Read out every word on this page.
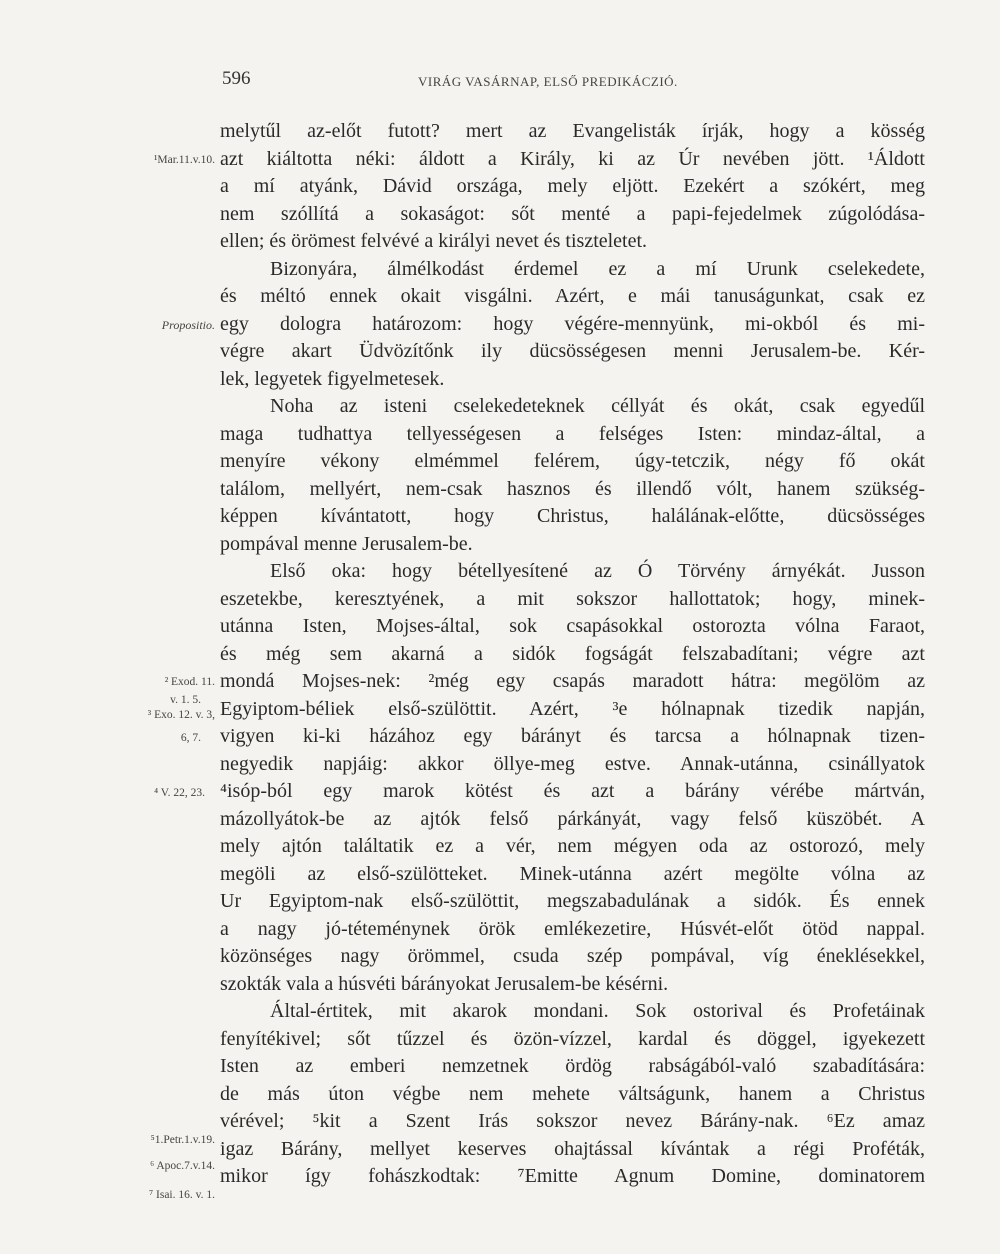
596	VIRÁG VASÁRNAP, ELSŐ PREDIKÁCZIÓ.
¹Mar.11.v.10.
Propositio.
² Exod. 11.
v. 1. 5.
³ Exo. 12. v. 3,
6, 7.
⁴ V. 22, 23.
⁵1.Petr.1.v.19.
⁶ Apoc.7.v.14.
⁷ Isai. 16. v. 1.
melytűl az-előt futott? mert az Evangelisták írják, hogy a kösség
azt kiáltotta néki: áldott a Király, ki az Úr nevében jött. ¹Áldott
a mí atyánk, Dávid országa, mely eljött. Ezekért a szókért, meg
nem szóllítá a sokaságot: sőt menté a papi-fejedelmek zúgolódása-
ellen; és örömest felvévé a királyi nevet és tiszteletet.
Bizonyára, álmélkodást érdemel ez a mí Urunk cselekedete,
és méltó ennek okait visgálni. Azért, e mái tanuságunkat, csak ez
egy dologra határozom: hogy végére-mennyünk, mi-okból és mi-
végre akart Üdvözítőnk ily dücsösségesen menni Jerusalem-be. Kér-
lek, legyetek figyelmetesek.
Noha az isteni cselekedeteknek céllyát és okát, csak egyedűl
maga tudhattya tellyességesen a felséges Isten: mindaz-által, a
menyíre vékony elmémmel felérem, úgy-tetczik, négy fő okát
találom, mellyért, nem-csak hasznos és illendő vólt, hanem szükség-
képpen kívántatott, hogy Christus, halálának-előtte, dücsösséges
pompával menne Jerusalem-be.
Első oka: hogy bétellyesítené az Ó Törvény árnyékát. Jusson
eszetekbe, keresztyének, a mit sokszor hallottatok; hogy, minek-
utánna Isten, Mojses-által, sok csapásokkal ostorozta vólna Faraot,
és még sem akarná a sidók fogságát felszabadítani; végre azt
mondá Mojses-nek: ²még egy csapás maradott hátra: megölöm az
Egyiptom-béliek első-szülöttit. Azért, ³e hólnapnak tizedik napján,
vigyen ki-ki házához egy bárányt és tarcsa a hólnapnak tizen-
negyedik napjáig: akkor öllye-meg estve. Annak-utánna, csinállyatok
⁴isóp-ból egy marok kötést és azt a bárány vérébe mártván,
mázollyátok-be az ajtók felső párkányát, vagy felső küszöbét. A
mely ajtón találtatik ez a vér, nem mégyen oda az ostorozó, mely
megöli az első-szülötteket. Minek-utánna azért megölte vólna az
Ur Egyiptom-nak első-szülöttit, megszabadulának a sidók. És ennek
a nagy jó-téteménynek örök emlékezetire, Húsvét-előt ötöd nappal.
közönséges nagy örömmel, csuda szép pompával, víg éneklésekkel,
szokták vala a húsvéti bárányokat Jerusalem-be késérni.
Által-értitek, mit akarok mondani. Sok ostorival és Profetáinak
fenyítékivel; sőt tűzzel és özön-vízzel, kardal és döggel, igyekezett
Isten az emberi nemzetnek ördög rabságából-való szabadítására:
de más úton végbe nem mehete váltságunk, hanem a Christus
vérével; ⁵kit a Szent Irás sokszor nevez Bárány-nak. ⁶Ez amaz
igaz Bárány, mellyet keserves ohajtással kívántak a régi Proféták,
mikor így fohászkodtak: ⁷Emitte Agnum Domine, dominatorem
